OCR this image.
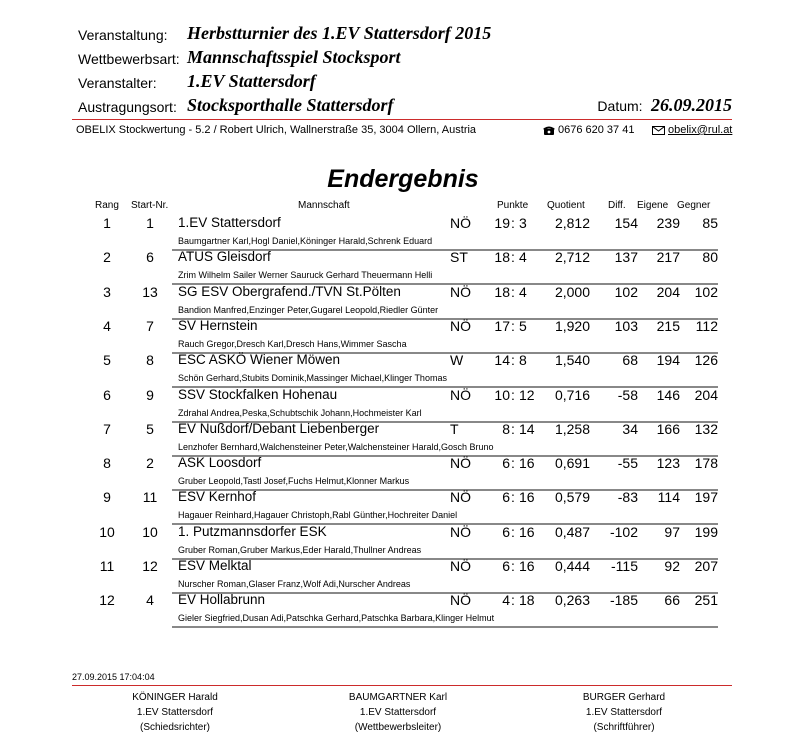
Veranstaltung: Herbstturnier des 1.EV Stattersdorf 2015
Wettbewerbsart: Mannschaftsspiel Stocksport
Veranstalter: 1.EV Stattersdorf
Austragungsort: Stocksporthalle Stattersdorf	Datum: 26.09.2015
OBELIX Stockwertung - 5.2 / Robert Ulrich, Wallnerstraße 35, 3004 Ollern, Austria	0676 620 37 41	obelix@rul.at
Endergebnis
Rang Start-Nr.	Mannschaft	Punkte Quotient Diff. Eigene Gegner
1	1	1.EV Stattersdorf	NÖ	19 : 3	2,812	154	239	85
Baumgartner Karl,Hogl Daniel,Köninger Harald,Schrenk Eduard
2	6	ATUS Gleisdorf	ST	18 : 4	2,712	137	217	80
Zrim Wilhelm Sailer Werner Sauruck Gerhard Theuermann Helli
3	13	SG ESV Obergrafend./TVN St.Pölten	NÖ	18 : 4	2,000	102	204	102
Bandion Manfred,Enzinger Peter,Gugarel Leopold,Riedler Günter
4	7	SV Hernstein	NÖ	17 : 5	1,920	103	215	112
Rauch Gregor,Dresch Karl,Dresch Hans,Wimmer Sascha
5	8	ESC ASKÖ Wiener Möwen	W	14 : 8	1,540	68	194	126
Schön Gerhard,Stubits Dominik,Massinger Michael,Klinger Thomas
6	9	SSV Stockfalken Hohenau	NÖ	10 : 12	0,716	-58	146	204
Zdrahal Andrea,Peska,Schubtschik Johann,Hochmeister Karl
7	5	EV Nußdorf/Debant Liebenberger	T	8 : 14	1,258	34	166	132
Lenzhofer Bernhard,Walchensteiner Peter,Walchensteiner Harald,Gosch Bruno
8	2	ASK Loosdorf	NÖ	6 : 16	0,691	-55	123	178
Gruber Leopold,Tastl Josef,Fuchs Helmut,Klonner Markus
9	11	ESV Kernhof	NÖ	6 : 16	0,579	-83	114	197
Hagauer Reinhard,Hagauer Christoph,Rabl Günther,Hochreiter Daniel
10	10	1. Putzmannsdorfer ESK	NÖ	6 : 16	0,487	-102	97	199
Gruber Roman,Gruber Markus,Eder Harald,Thullner Andreas
11	12	ESV Melktal	NÖ	6 : 16	0,444	-115	92	207
Nurscher Roman,Glaser Franz,Wolf Adi,Nurscher Andreas
12	4	EV Hollabrunn	NÖ	4 : 18	0,263	-185	66	251
Gieler Siegfried,Dusan Adi,Patschka Gerhard,Patschka Barbara,Klinger Helmut
27.09.2015 17:04:04
KÖNINGER Harald
1.EV Stattersdorf
(Schiedsrichter)
BAUMGARTNER Karl
1.EV Stattersdorf
(Wettbewerbsleiter)
BURGER Gerhard
1.EV Stattersdorf
(Schriftführer)
